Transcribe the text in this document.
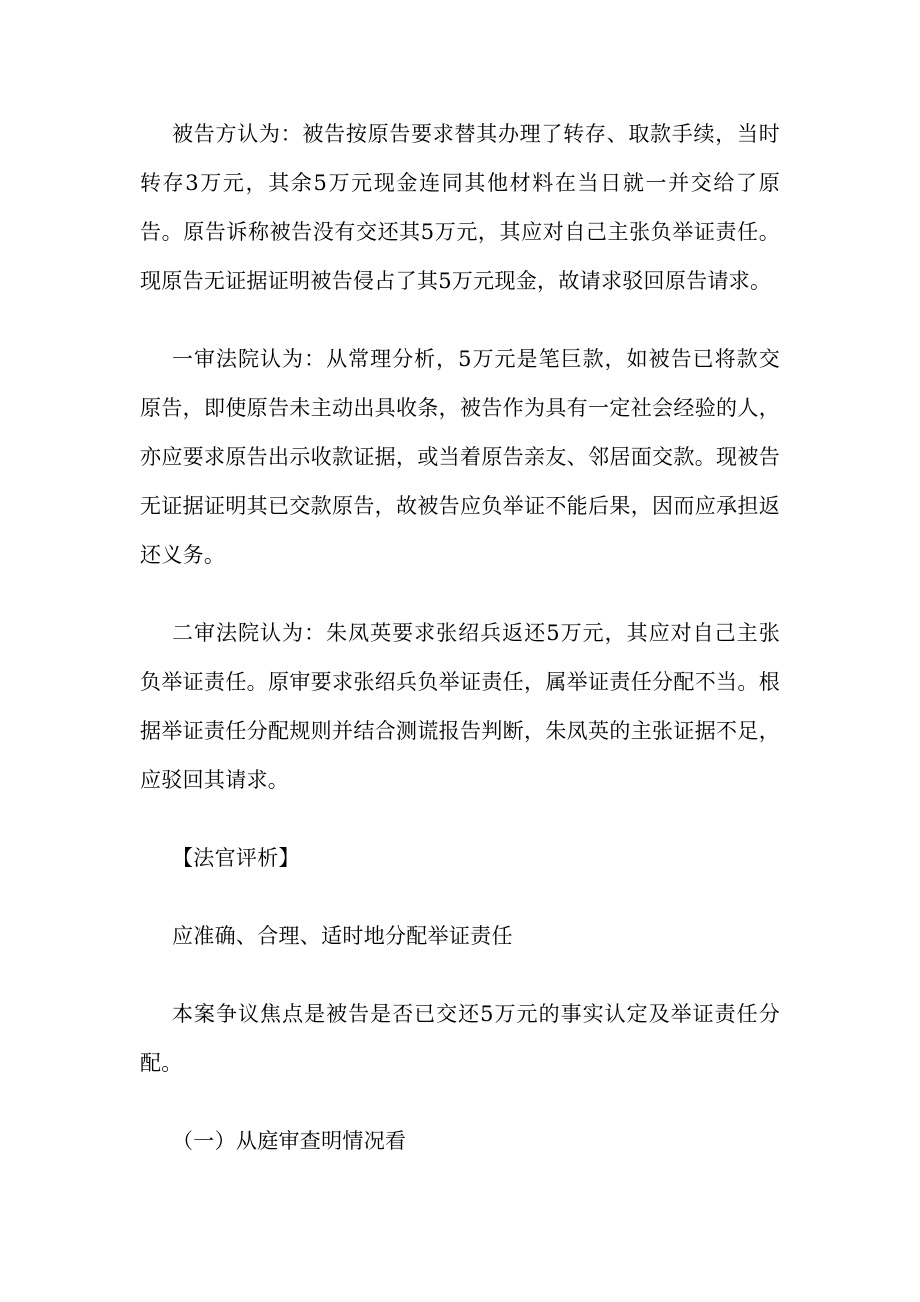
被告方认为：被告按原告要求替其办理了转存、取款手续，当时转存3万元，其余5万元现金连同其他材料在当日就一并交给了原告。原告诉称被告没有交还其5万元，其应对自己主张负举证责任。现原告无证据证明被告侵占了其5万元现金，故请求驳回原告请求。

一审法院认为：从常理分析，5万元是笔巨款，如被告已将款交原告，即使原告未主动出具收条，被告作为具有一定社会经验的人，亦应要求原告出示收款证据，或当着原告亲友、邻居面交款。现被告无证据证明其已交款原告，故被告应负举证不能后果，因而应承担返还义务。

二审法院认为：朱凤英要求张绍兵返还5万元，其应对自己主张负举证责任。原审要求张绍兵负举证责任，属举证责任分配不当。根据举证责任分配规则并结合测谎报告判断，朱凤英的主张证据不足，应驳回其请求。

【法官评析】

应准确、合理、适时地分配举证责任

本案争议焦点是被告是否已交还5万元的事实认定及举证责任分配。

（一）从庭审查明情况看
